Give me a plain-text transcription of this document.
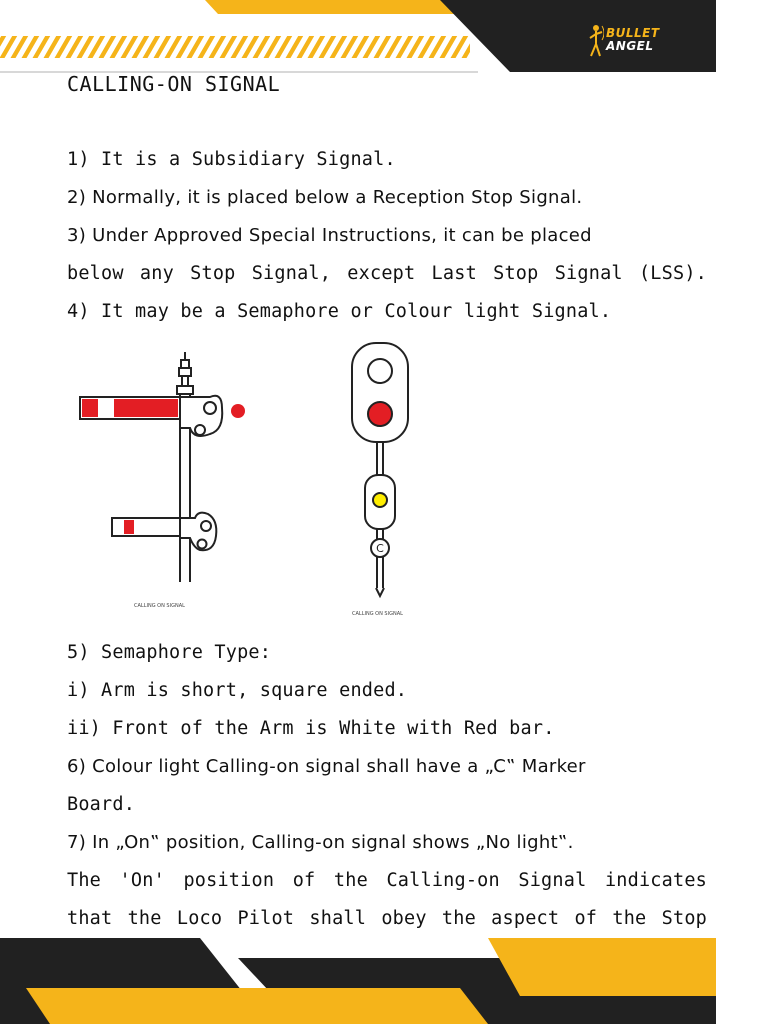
BULLET
ANGEL
CALLING-ON SIGNAL
1) It is a Subsidiary Signal.
2) Normally, it is placed below a Reception Stop Signal.
3) Under Approved Special Instructions, it can be placed
below any Stop Signal, except Last Stop Signal (LSS).
4) It may be a Semaphore or Colour light Signal.
CALLING ON SIGNAL
C
CALLING ON SIGNAL
5) Semaphore Type:
i) Arm is short, square ended.
ii) Front of the Arm is White with Red bar.
6) Colour light Calling-on signal shall have a „C‟ Marker
Board.
7) In „On‟ position, Calling-on signal shows „No light‟.
The 'On' position of the Calling-on Signal indicates
that the Loco Pilot shall obey the aspect of the Stop
